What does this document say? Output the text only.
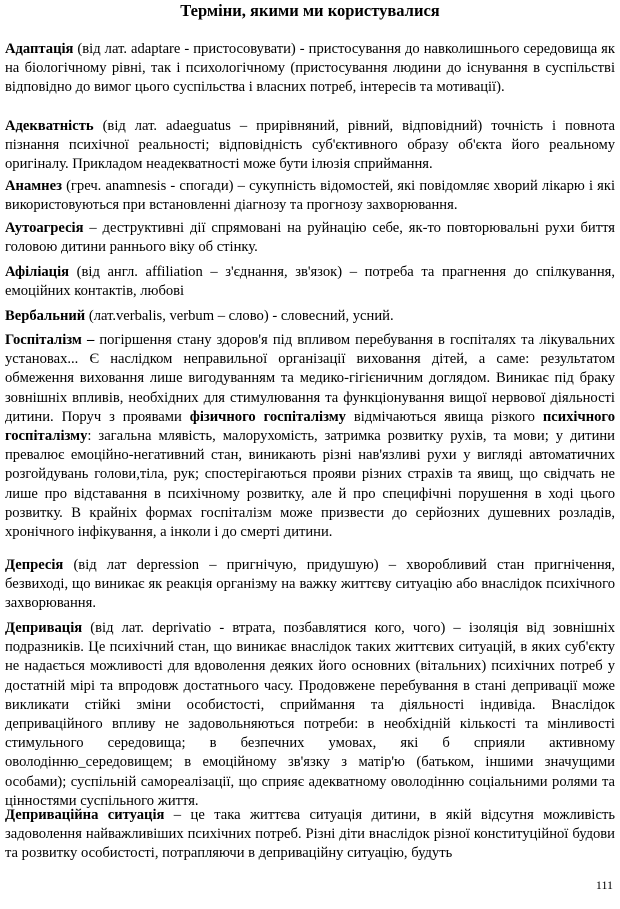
Терміни, якими ми користувалися

Адаптація (від лат. adaptare - пристосовувати) - пристосування до навколишнього середовища як на біологічному рівні, так і психологічному (пристосування людини до існування в суспільстві відповідно до вимог цього суспільства і власних потреб, інтересів та мотивації).

Адекватність (від лат. adaeguatus – прирівняний, рівний, відповідний) точність і повнота пізнання психічної реальності; відповідність суб'єктивного образу об'єкта його реальному оригіналу. Прикладом неадекватності може бути ілюзія сприймання.

Анамнез (греч. anamnesis - спогади) – сукупність відомостей, які повідомляє хворий лікарю і які використовуються при встановленні діагнозу та прогнозу захворювання.

Аутоагресія – деструктивні дії спрямовані на руйнацію себе, як-то повторювальні рухи биття головою дитини раннього віку об стінку.

Афіліація (від англ. affiliation – з'єднання, зв'язок) – потреба та прагнення до спілкування, емоційних контактів, любові

Вербальний (лат.verbalis, verbum – слово) - словесний, усний.

Госпіталізм – погіршення стану здоров'я під впливом перебування в госпіталях та лікувальних установах... Є наслідком неправильної організації виховання дітей, а саме: результатом обмеження виховання лише вигодуванням та медико-гігієничним доглядом. Виникає під браку зовнішніх впливів, необхідних для стимулювання та функціонування вищої нервової діяльності дитини. Поруч з проявами фізичного госпіталізму відмічаються явища різкого психічного госпіталізму: загальна млявість, малорухомість, затримка розвитку рухів, та мови; у дитини превалює емоційно-негативний стан, виникають різні нав'язливі рухи у вигляді автоматичних розгойдувань голови,тіла, рук; спостерігаються прояви різних страхів та явищ, що свідчать не лише про відставання в психічному розвитку, але й про специфічні порушення в ході цього розвитку. В крайніх формах госпіталізм може призвести до серйозних душевних розладів, хронічного інфікування, а інколи і до смерті дитини.

Депресія (від лат depression – пригнічую, придушую) – хворобливий стан пригнічення, безвиході, що виникає як реакція організму на важку життєву ситуацію або внаслідок психічного захворювання.

Депривація (від лат. deprivatio - втрата, позбавлятися кого, чого) – ізоляція від зовнішніх подразників. Це психічний стан, що виникає внаслідок таких життєвих ситуацій, в яких суб'єкту не надається можливості для вдоволення деяких його основних (вітальних) психічних потреб у достатній мірі та впродовж достатнього часу. Продовжене перебування в стані депривації може викликати стійкі зміни особистості, сприймання та діяльності індивіда. Внаслідок деприваційного впливу не задовольняються потреби: в необхідній кількості та мінливості стимульного середовища; в безпечних умовах, які б сприяли активному оволодінню_середовищем; в емоційному зв'язку з матір'ю (батьком, іншими значущими особами); суспільній самореалізації, що сприяє адекватному оволодінню соціальними ролями та цінностями суспільного життя.

Деприваційна ситуація – це така життєва ситуація дитини, в якій відсутня можливість задоволення найважливіших психічних потреб. Різні діти внаслідок різної конституційної будови та розвитку особистості, потрапляючи в деприваційну ситуацію, будуть

111
